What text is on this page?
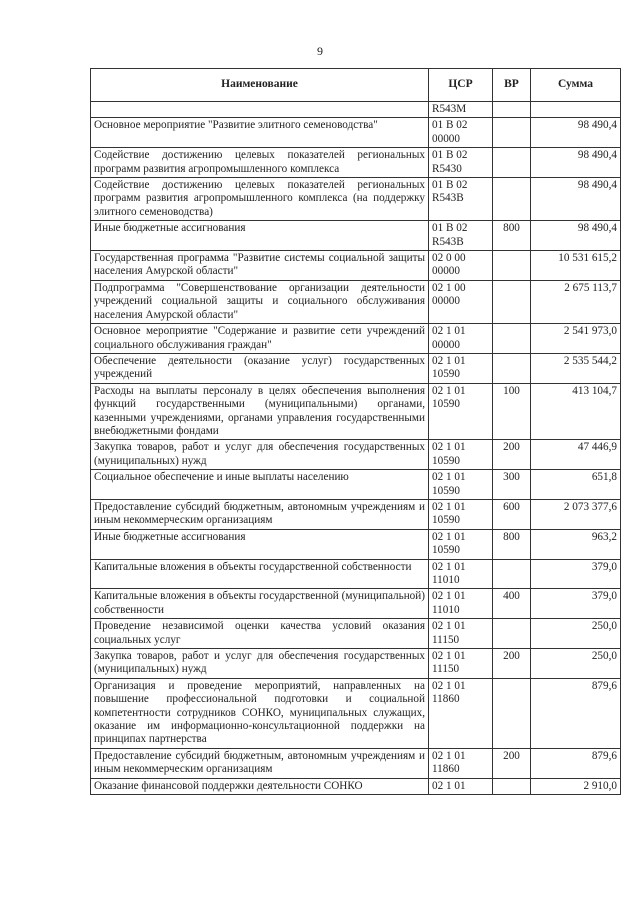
9
Наименование	ЦСР	ВР	Сумма
	R543M		
Основное мероприятие "Развитие элитного семеноводства"	01 В 02 00000		98 490,4
Содействие достижению целевых показателей региональных программ развития агропромышленного комплекса	01 В 02 R5430		98 490,4
Содействие достижению целевых показателей региональных программ развития агропромышленного комплекса (на поддержку элитного семеноводства)	01 В 02 R543В		98 490,4
Иные бюджетные ассигнования	01 В 02 R543В	800	98 490,4
Государственная программа "Развитие системы социальной защиты населения Амурской области"	02 0 00 00000		10 531 615,2
Подпрограмма "Совершенствование организации деятельности учреждений социальной защиты и социального обслуживания населения Амурской области"	02 1 00 00000		2 675 113,7
Основное мероприятие "Содержание и развитие сети учреждений социального обслуживания граждан"	02 1 01 00000		2 541 973,0
Обеспечение деятельности (оказание услуг) государственных учреждений	02 1 01 10590		2 535 544,2
Расходы на выплаты персоналу в целях обеспечения выполнения функций государственными (муниципальными) органами, казенными учреждениями, органами управления государственными внебюджетными фондами	02 1 01 10590	100	413 104,7
Закупка товаров, работ и услуг для обеспечения государственных (муниципальных) нужд	02 1 01 10590	200	47 446,9
Социальное обеспечение и иные выплаты населению	02 1 01 10590	300	651,8
Предоставление субсидий бюджетным, автономным учреждениям и иным некоммерческим организациям	02 1 01 10590	600	2 073 377,6
Иные бюджетные ассигнования	02 1 01 10590	800	963,2
Капитальные вложения в объекты государственной собственности	02 1 01 11010		379,0
Капитальные вложения в объекты государственной (муниципальной) собственности	02 1 01 11010	400	379,0
Проведение независимой оценки качества условий оказания социальных услуг	02 1 01 11150		250,0
Закупка товаров, работ и услуг для обеспечения государственных (муниципальных) нужд	02 1 01 11150	200	250,0
Организация и проведение мероприятий, направленных на повышение профессиональной подготовки и социальной компетентности сотрудников СОНКО, муниципальных служащих, оказание им информационно-консультационной поддержки на принципах партнерства	02 1 01 11860		879,6
Предоставление субсидий бюджетным, автономным учреждениям и иным некоммерческим организациям	02 1 01 11860	200	879,6
Оказание финансовой поддержки деятельности СОНКО	02 1 01		2 910,0
